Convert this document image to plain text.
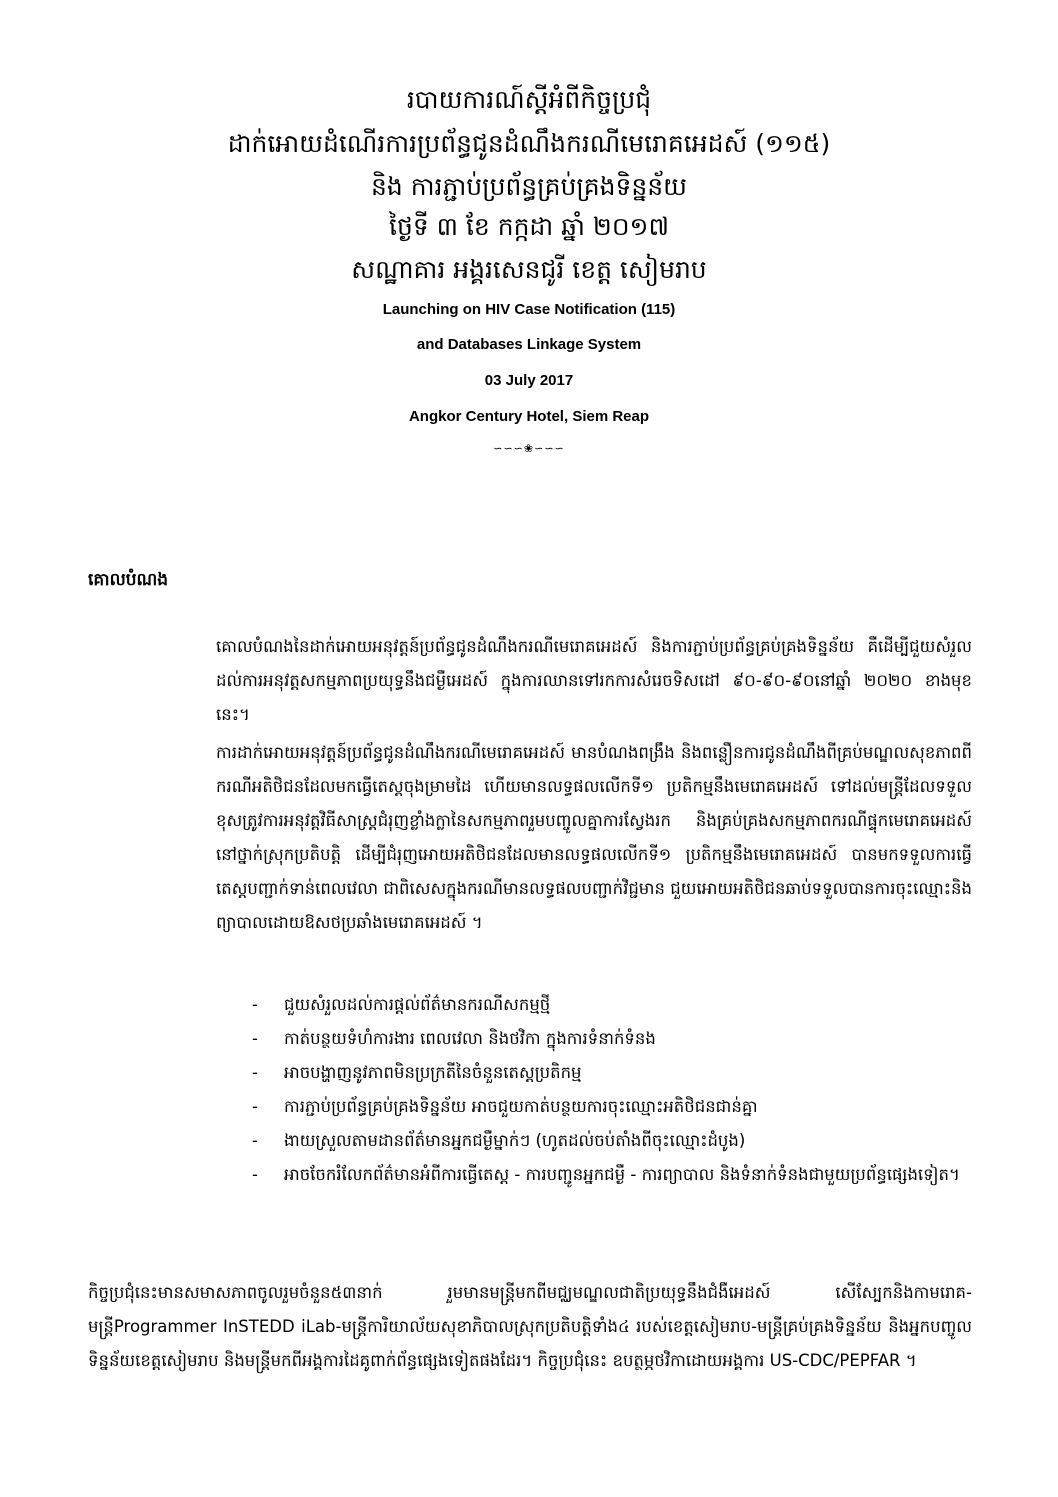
របាយការណ៍ស្តីអំពីកិច្ចប្រជុំ
ដាក់អោយដំណើរការប្រព័ន្ធជូនដំណឹងករណីមេរោគអេដស៍ (១១៥)
និង ការភ្ជាប់ប្រព័ន្ធគ្រប់គ្រងទិន្នន័យ
ថ្ងៃទី ៣ ខែ កក្កដា ឆ្នាំ ២០១៧
សណ្ឋាគារ អង្គរសេនជូរី ខេត្ត សៀមរាប
Launching on HIV Case Notification (115)
and Databases Linkage System
03 July 2017
Angkor Century Hotel, Siem Reap
∽∽∽❀∽∽∽
គោលបំណង
គោលបំណងនៃដាក់អោយអនុវត្តន៍ប្រព័ន្ធជូនដំណឹងករណីមេរោគអេដស៍ និងការភ្ជាប់ប្រព័ន្ធគ្រប់គ្រងទិន្នន័យ គឺដើម្បីជួយសំរួលដល់ការអនុវត្តសកម្មភាពប្រយុទ្ធនឹងជម្ងឺអេដស៍ ក្នុងការឈានទៅរកការសំរេចទិសដៅ ៩០-៩០-៩០នៅឆ្នាំ ២០២០ ខាងមុខនេះ។
ការដាក់អោយអនុវត្តន៍ប្រព័ន្ធជូនដំណឹងករណីមេរោគអេដស៍ មានបំណងពង្រឹង និងពន្លឿនការជូនដំណឹងពីគ្រប់មណ្ឌលសុខភាពពីករណីអតិថិជនដែលមកធ្វើតេស្តចុងម្រាមដៃ ហើយមានលទ្ធផលលើកទី១ ប្រតិកម្មនឹងមេរោគអេដស៍ ទៅដល់មន្ត្រីដែលទទួលខុសត្រូវការអនុវត្តវិធីសាស្ត្រជំរុញខ្លាំងក្លានៃសកម្មភាពរួមបញ្ចូលគ្នាការស្វែងរក និងគ្រប់គ្រងសកម្មភាពករណីផ្ទុកមេរោគអេដស៍នៅថ្នាក់ស្រុកប្រតិបត្តិ ដើម្បីជំរុញអោយអតិថិជនដែលមានលទ្ធផលលើកទី១ ប្រតិកម្មនឹងមេរោគអេដស៍ បានមកទទួលការធ្វើតេស្តបញ្ជាក់ទាន់ពេលវេលា ជាពិសេសក្នុងករណីមានលទ្ធផលបញ្ជាក់វិជ្ជមាន ជួយអោយអតិថិជនឆាប់ទទួលបានការចុះឈ្មោះនិងព្យាបាលដោយឱសថប្រឆាំងមេរោគអេដស៍ ។
- ជួយសំរួលដល់ការផ្តល់ព័ត៌មានករណីសកម្មថ្មី
- កាត់បន្ថយទំហំការងារ ពេលវេលា និងថវិកា ក្នុងការទំនាក់ទំនង
- អាចបង្ហាញនូវភាពមិនប្រក្រតីនៃចំនួនតេស្តប្រតិកម្ម
- ការភ្ជាប់ប្រព័ន្ធគ្រប់គ្រងទិន្នន័យ អាចជួយកាត់បន្ថយការចុះឈ្មោះអតិថិជនជាន់គ្នា
- ងាយស្រួលតាមដានព័ត៌មានអ្នកជម្ងឺម្នាក់ៗ (ហូតដល់ចប់តាំងពីចុះឈ្មោះដំបូង)
- អាចចែករំលែកព័ត៌មានអំពីការធ្វើតេស្ត - ការបញ្ជូនអ្នកជម្ងឺ - ការព្យាបាល និងទំនាក់ទំនងជាមួយប្រព័ន្ធផ្សេងទៀត។
កិច្ចប្រជុំនេះមានសមាសភាពចូលរួមចំនួន៥៣នាក់ រួមមានមន្ត្រីមកពីមជ្ឈមណ្ឌលជាតិប្រយុទ្ធនឹងជំងឺអេដស៍ សើស្បែកនិងកាមរោគ-មន្ត្រីProgrammer InSTEDD iLab-មន្ត្រីការិយាល័យសុខាភិបាលស្រុកប្រតិបត្តិទាំង៤ របស់ខេត្តសៀមរាប-មន្ត្រីគ្រប់គ្រងទិន្នន័យ និងអ្នកបញ្ចូលទិន្នន័យខេត្តសៀមរាប និងមន្ត្រីមកពីអង្គការដៃគូពាក់ព័ន្ធផ្សេងទៀតផងដែរ។ កិច្ចប្រជុំនេះ ឧបត្ថម្ភថវិកាដោយអង្គការ US-CDC/PEPFAR ។
